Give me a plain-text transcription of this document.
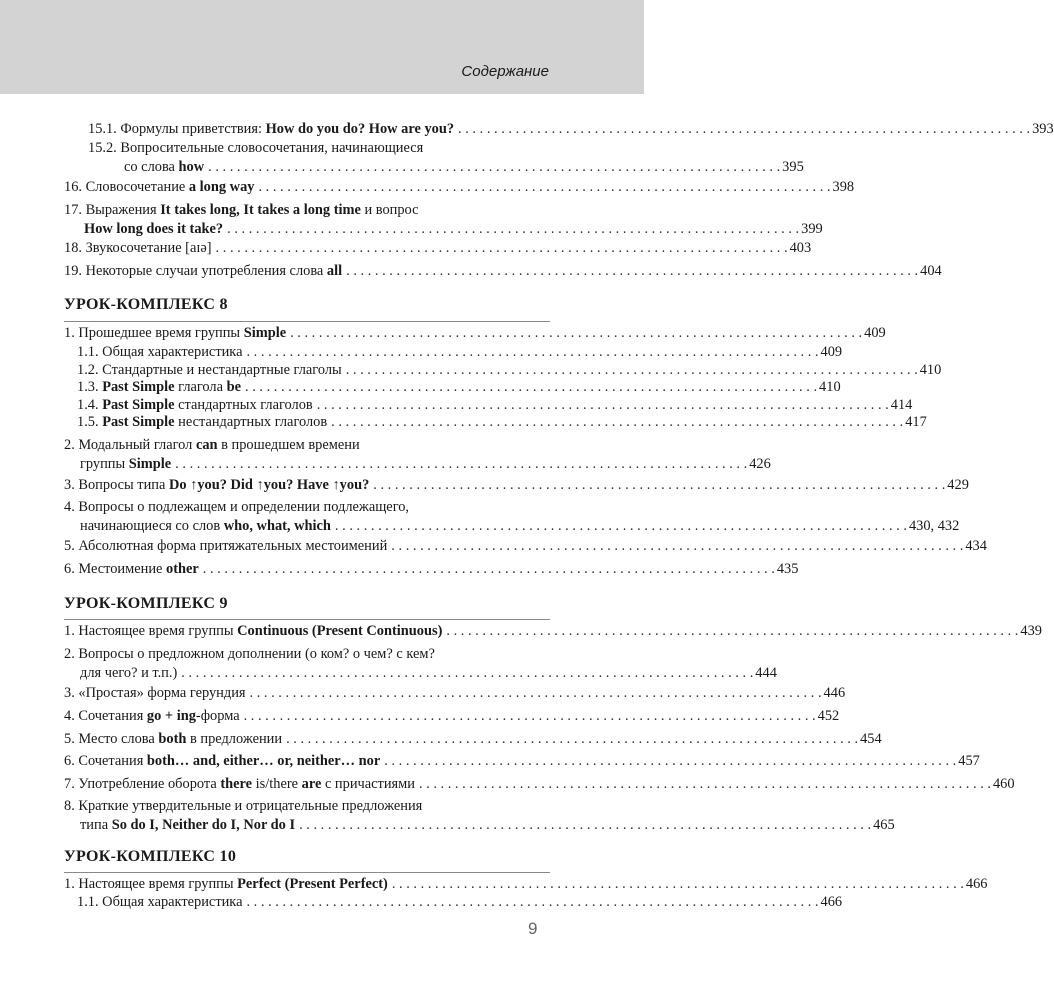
Содержание
15.1. Формулы приветствия: How do you do? How are you? . . . . . . . . . . . . . . . . . . . . . . . . . . . . . . . . . . . . . . . . . . . . . . . . . . . . . . . . . . . . . . . . . . . . . . . . . . . . . . . . 393
15.2. Вопросительные словосочетания, начинающиеся
со слова how . . . . . . . . . . . . . . . . . . . . . . . . . . . . . . . . . . . . . . . . . . . . . . . . . . . . . . . . . . . . . . . . . . . . . . . . . . . . . . . . 395
16. Словосочетание a long way . . . . . . . . . . . . . . . . . . . . . . . . . . . . . . . . . . . . . . . . . . . . . . . . . . . . . . . . . . . . . . . . . . . . . . . . . . . . . . . . 398
17. Выражения It takes long, It takes a long time и вопрос
How long does it take? . . . . . . . . . . . . . . . . . . . . . . . . . . . . . . . . . . . . . . . . . . . . . . . . . . . . . . . . . . . . . . . . . . . . . . . . . . . . . . . . 399
18. Звукосочетание [aɪə] . . . . . . . . . . . . . . . . . . . . . . . . . . . . . . . . . . . . . . . . . . . . . . . . . . . . . . . . . . . . . . . . . . . . . . . . . . . . . . . . 403
19. Некоторые случаи употребления слова all . . . . . . . . . . . . . . . . . . . . . . . . . . . . . . . . . . . . . . . . . . . . . . . . . . . . . . . . . . . . . . . . . . . . . . . . . . . . . . . . 404
УРОК-КОМПЛЕКС 8
1. Прошедшее время группы Simple . . . . . . . . . . . . . . . . . . . . . . . . . . . . . . . . . . . . . . . . . . . . . . . . . . . . . . . . . . . . . . . . . . . . . . . . . . . . . . . . 409
1.1. Общая характеристика . . . . . . . . . . . . . . . . . . . . . . . . . . . . . . . . . . . . . . . . . . . . . . . . . . . . . . . . . . . . . . . . . . . . . . . . . . . . . . . . 409
1.2. Стандартные и нестандартные глаголы . . . . . . . . . . . . . . . . . . . . . . . . . . . . . . . . . . . . . . . . . . . . . . . . . . . . . . . . . . . . . . . . . . . . . . . . . . . . . . . . 410
1.3. Past Simple глагола be . . . . . . . . . . . . . . . . . . . . . . . . . . . . . . . . . . . . . . . . . . . . . . . . . . . . . . . . . . . . . . . . . . . . . . . . . . . . . . . . 410
1.4. Past Simple стандартных глаголов . . . . . . . . . . . . . . . . . . . . . . . . . . . . . . . . . . . . . . . . . . . . . . . . . . . . . . . . . . . . . . . . . . . . . . . . . . . . . . . . 414
1.5. Past Simple нестандартных глаголов . . . . . . . . . . . . . . . . . . . . . . . . . . . . . . . . . . . . . . . . . . . . . . . . . . . . . . . . . . . . . . . . . . . . . . . . . . . . . . . . 417
2. Модальный глагол can в прошедшем времени
группы Simple . . . . . . . . . . . . . . . . . . . . . . . . . . . . . . . . . . . . . . . . . . . . . . . . . . . . . . . . . . . . . . . . . . . . . . . . . . . . . . . . 426
3. Вопросы типа Do ↑you? Did ↑you? Have ↑you? . . . . . . . . . . . . . . . . . . . . . . . . . . . . . . . . . . . . . . . . . . . . . . . . . . . . . . . . . . . . . . . . . . . . . . . . . . . . . . . . 429
4. Вопросы о подлежащем и определении подлежащего,
начинающиеся со слов who, what, which . . . . . . . . . . . . . . . . . . . . . . . . . . . . . . . . . . . . . . . . . . . . . . . . . . . . . . . . . . . . . . . . . . . . . . . . . . . . . . . . 430, 432
5. Абсолютная форма притяжательных местоимений . . . . . . . . . . . . . . . . . . . . . . . . . . . . . . . . . . . . . . . . . . . . . . . . . . . . . . . . . . . . . . . . . . . . . . . . . . . . . . . . 434
6. Местоимение other . . . . . . . . . . . . . . . . . . . . . . . . . . . . . . . . . . . . . . . . . . . . . . . . . . . . . . . . . . . . . . . . . . . . . . . . . . . . . . . . 435
УРОК-КОМПЛЕКС 9
1. Настоящее время группы Continuous (Present Continuous) . . . . . . . . . . . . . . . . . . . . . . . . . . . . . . . . . . . . . . . . . . . . . . . . . . . . . . . . . . . . . . . . . . . . . . . . . . . . . . . . 439
2. Вопросы о предложном дополнении (о ком? о чем? с кем?
для чего? и т.п.) . . . . . . . . . . . . . . . . . . . . . . . . . . . . . . . . . . . . . . . . . . . . . . . . . . . . . . . . . . . . . . . . . . . . . . . . . . . . . . . . 444
3. «Простая» форма герундия . . . . . . . . . . . . . . . . . . . . . . . . . . . . . . . . . . . . . . . . . . . . . . . . . . . . . . . . . . . . . . . . . . . . . . . . . . . . . . . . 446
4. Сочетания go + ing-форма . . . . . . . . . . . . . . . . . . . . . . . . . . . . . . . . . . . . . . . . . . . . . . . . . . . . . . . . . . . . . . . . . . . . . . . . . . . . . . . . 452
5. Место слова both в предложении . . . . . . . . . . . . . . . . . . . . . . . . . . . . . . . . . . . . . . . . . . . . . . . . . . . . . . . . . . . . . . . . . . . . . . . . . . . . . . . . 454
6. Сочетания both… and, either… or, neither… nor . . . . . . . . . . . . . . . . . . . . . . . . . . . . . . . . . . . . . . . . . . . . . . . . . . . . . . . . . . . . . . . . . . . . . . . . . . . . . . . . 457
7. Употребление оборота there is/there are с причастиями . . . . . . . . . . . . . . . . . . . . . . . . . . . . . . . . . . . . . . . . . . . . . . . . . . . . . . . . . . . . . . . . . . . . . . . . . . . . . . . . 460
8. Краткие утвердительные и отрицательные предложения
типа So do I, Neither do I, Nor do I . . . . . . . . . . . . . . . . . . . . . . . . . . . . . . . . . . . . . . . . . . . . . . . . . . . . . . . . . . . . . . . . . . . . . . . . . . . . . . . . 465
УРОК-КОМПЛЕКС 10
1. Настоящее время группы Perfect (Present Perfect) . . . . . . . . . . . . . . . . . . . . . . . . . . . . . . . . . . . . . . . . . . . . . . . . . . . . . . . . . . . . . . . . . . . . . . . . . . . . . . . . 466
1.1. Общая характеристика . . . . . . . . . . . . . . . . . . . . . . . . . . . . . . . . . . . . . . . . . . . . . . . . . . . . . . . . . . . . . . . . . . . . . . . . . . . . . . . . 466
9
